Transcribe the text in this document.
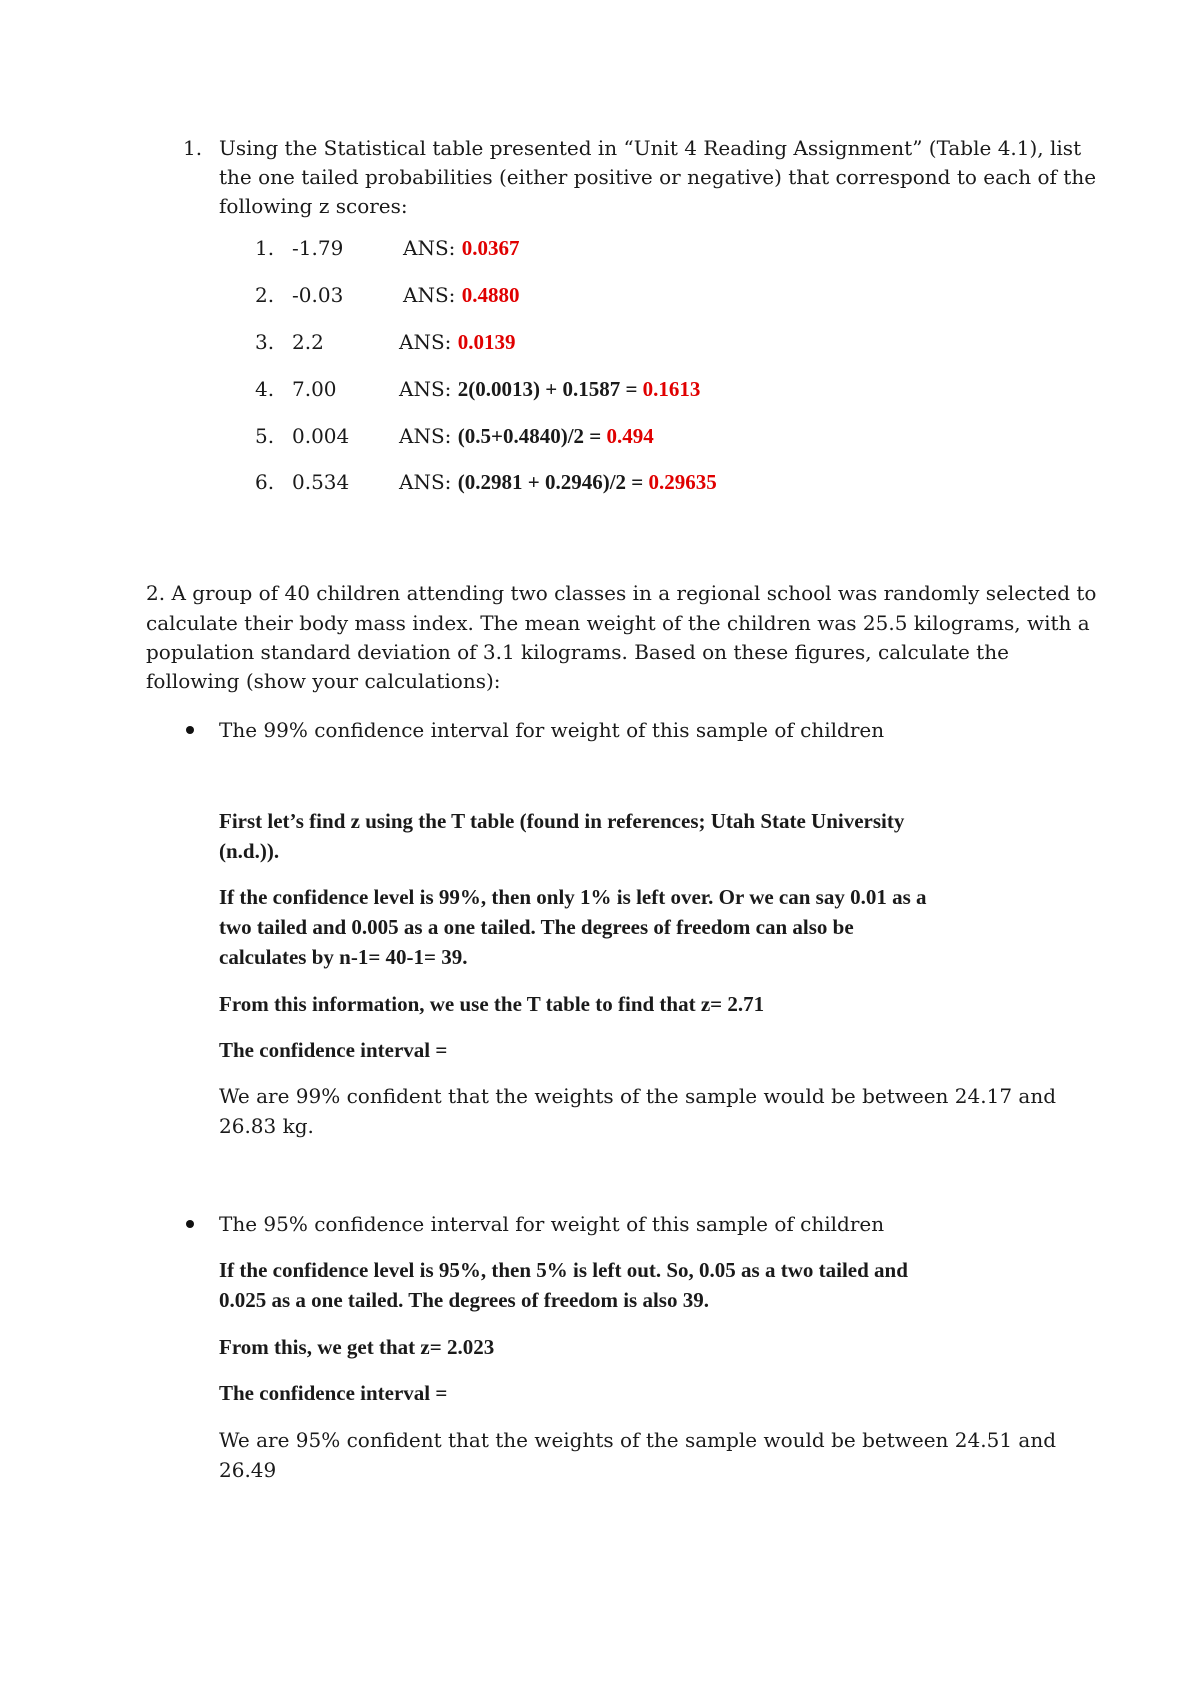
1. Using the Statistical table presented in “Unit 4 Reading Assignment” (Table 4.1), list
the one tailed probabilities (either positive or negative) that correspond to each of the
following z scores:
1. -1.79	ANS: 0.0367
2. -0.03	ANS: 0.4880
3. 2.2	ANS: 0.0139
4. 7.00	ANS: 2(0.0013) + 0.1587 = 0.1613
5. 0.004 ANS: (0.5+0.4840)/2 = 0.494
6. 0.534 ANS: (0.2981 + 0.2946)/2 = 0.29635
2. A group of 40 children attending two classes in a regional school was randomly selected to
calculate their body mass index. The mean weight of the children was 25.5 kilograms, with a
population standard deviation of 3.1 kilograms. Based on these figures, calculate the
following (show your calculations):
The 99% confidence interval for weight of this sample of children
First let’s find z using the T table (found in references; Utah State University
(n.d.)).
If the confidence level is 99%, then only 1% is left over. Or we can say 0.01 as a
two tailed and 0.005 as a one tailed. The degrees of freedom can also be
calculates by n-1= 40-1= 39.
From this information, we use the T table to find that z= 2.71
The confidence interval =
We are 99% confident that the weights of the sample would be between 24.17 and
26.83 kg.
The 95% confidence interval for weight of this sample of children
If the confidence level is 95%, then 5% is left out. So, 0.05 as a two tailed and
0.025 as a one tailed. The degrees of freedom is also 39.
From this, we get that z= 2.023
The confidence interval =
We are 95% confident that the weights of the sample would be between 24.51 and
26.49
